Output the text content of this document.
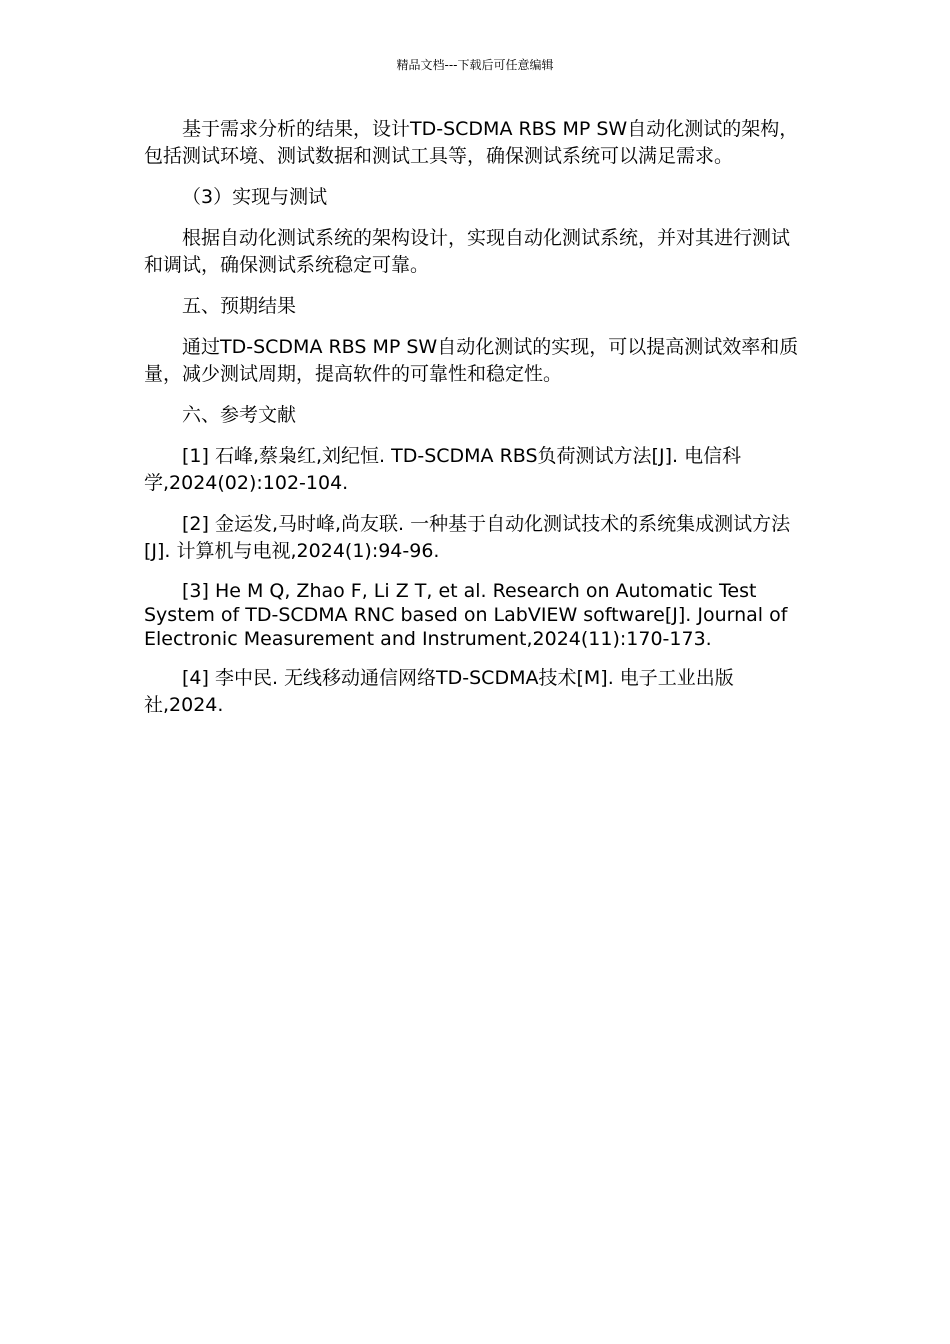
精品文档---下载后可任意编辑

基于需求分析的结果，设计TD-SCDMA RBS MP SW自动化测试的架构，包括测试环境、测试数据和测试工具等，确保测试系统可以满足需求。

（3）实现与测试

根据自动化测试系统的架构设计，实现自动化测试系统，并对其进行测试和调试，确保测试系统稳定可靠。

五、预期结果

通过TD-SCDMA RBS MP SW自动化测试的实现，可以提高测试效率和质量，减少测试周期，提高软件的可靠性和稳定性。

六、参考文献

[1] 石峰,蔡枭红,刘纪恒. TD-SCDMA RBS负荷测试方法[J]. 电信科学,2024(02):102-104.

[2] 金运发,马时峰,尚友联. 一种基于自动化测试技术的系统集成测试方法[J]. 计算机与电视,2024(1):94-96.

[3] He M Q, Zhao F, Li Z T, et al. Research on Automatic Test System of TD-SCDMA RNC based on LabVIEW software[J]. Journal of Electronic Measurement and Instrument,2024(11):170-173.

[4] 李中民. 无线移动通信网络TD-SCDMA技术[M]. 电子工业出版社,2024.
